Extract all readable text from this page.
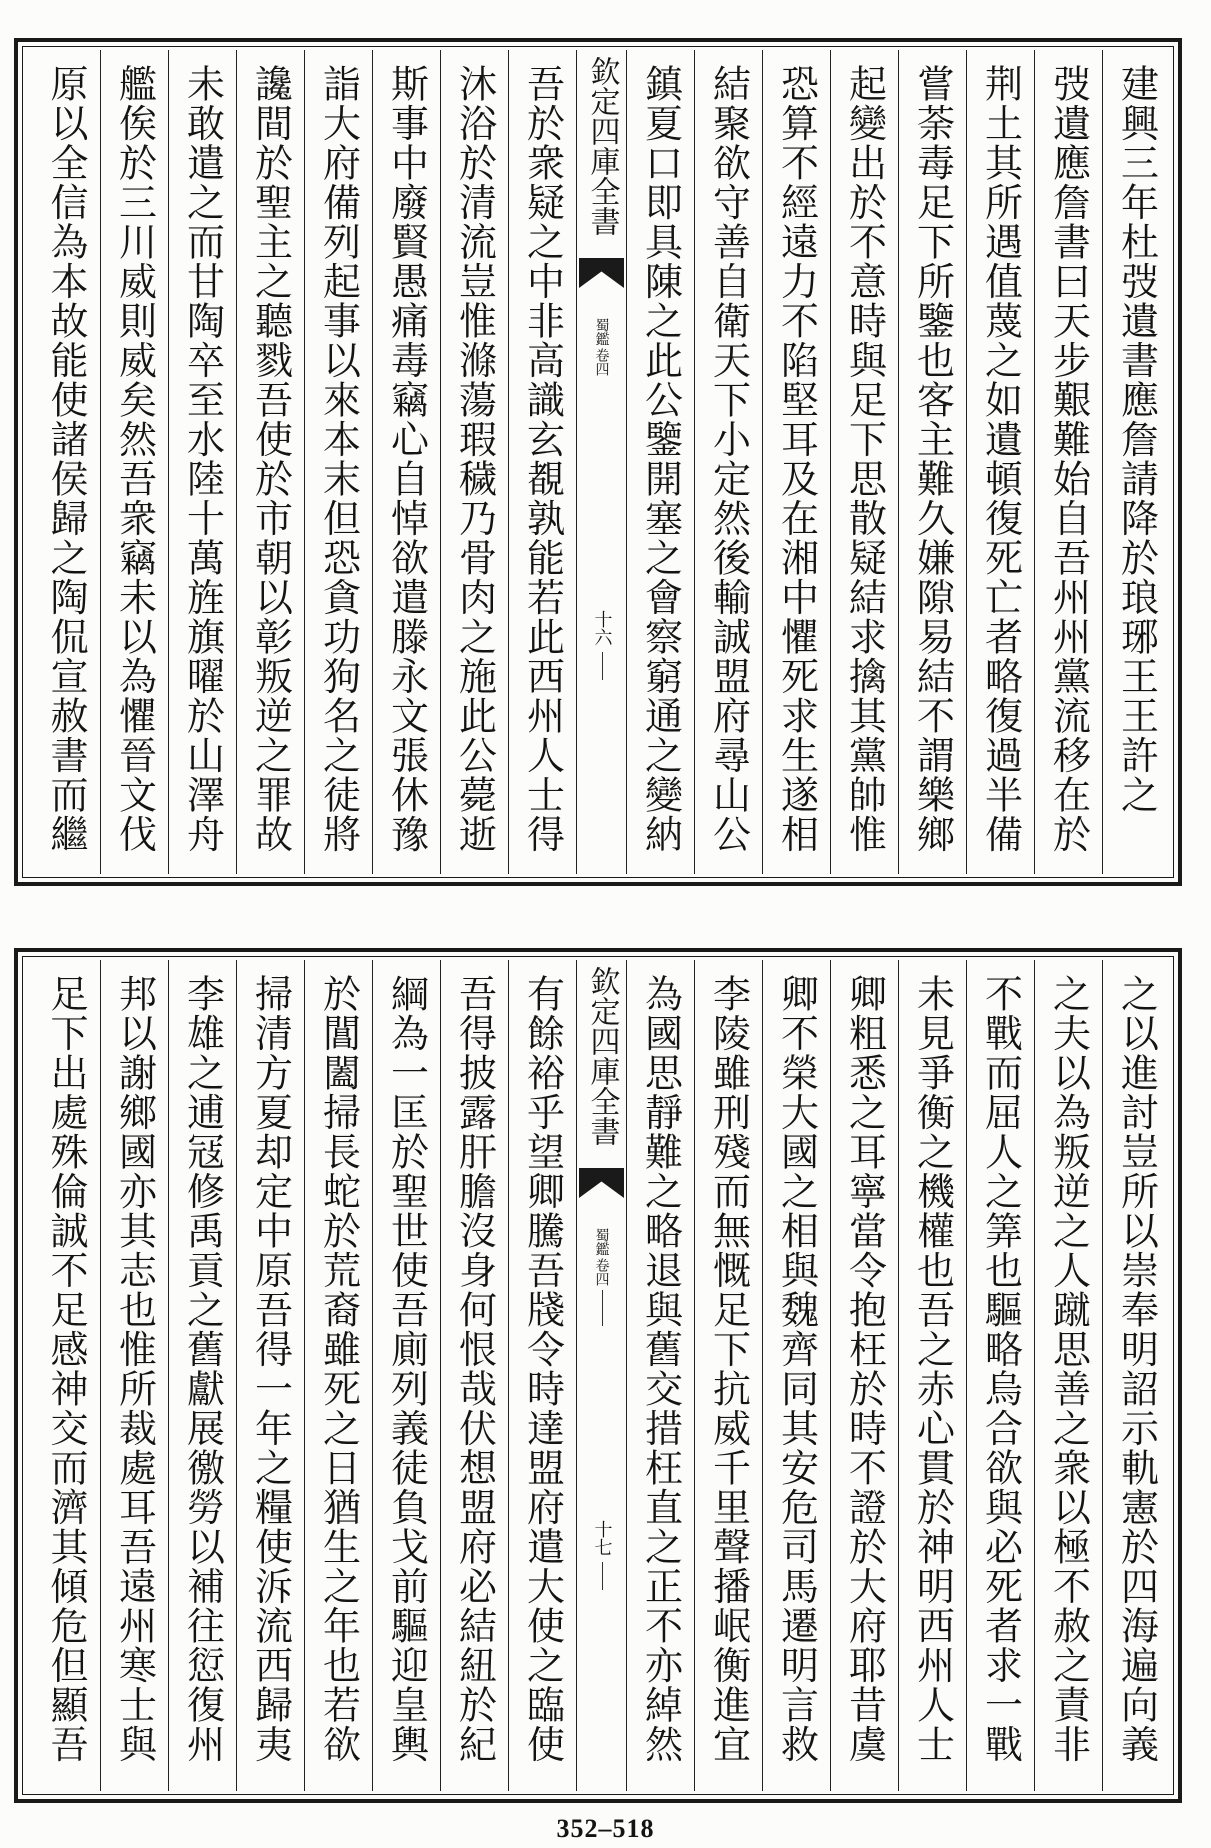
建興三年杜弢遺書應詹請降於琅琊王王許之
弢遺應詹書曰天步艱難始自吾州州黨流移在於
荆土其所遇值蔑之如遺頓復死亡者略復過半備
嘗荼毒足下所鑒也客主難久嫌隙易結不謂樂鄉
起變出於不意時與足下思散疑結求擒其黨帥惟
恐算不經遠力不陷堅耳及在湘中懼死求生遂相
結聚欲守善自衛天下小定然後輸誠盟府尋山公
鎮夏口即具陳之此公鑒開塞之會察窮通之變納
欽定四庫全書
蜀鑑
卷四
十六
吾於衆疑之中非高識玄覩孰能若此西州人士得
沐浴於清流豈惟滌蕩瑕穢乃骨肉之施此公薨逝
斯事中廢賢愚痛毒竊心自悼欲遣滕永文張休豫
詣大府備列起事以來本末但恐貪功狗名之徒將
讒間於聖主之聽戮吾使於市朝以彰叛逆之罪故
未敢遣之而甘陶卒至水陸十萬旌旗曜於山澤舟
艦俟於三川威則威矣然吾衆竊未以為懼晉文伐
原以全信為本故能使諸侯歸之陶侃宣赦書而繼
之以進討豈所以崇奉明詔示軌憲於四海遍向義
之夫以為叛逆之人蹴思善之衆以極不赦之責非
不戰而屈人之筭也驅略烏合欲與必死者求一戰
未見爭衡之機權也吾之赤心貫於神明西州人士
卿粗悉之耳寧當令抱枉於時不證於大府耶昔虞
卿不榮大國之相與魏齊同其安危司馬遷明言救
李陵雖刑殘而無慨足下抗威千里聲播岷衡進宜
為國思靜難之略退與舊交措枉直之正不亦綽然
欽定四庫全書
蜀鑑
卷四
十七
有餘裕乎望卿騰吾牋令時達盟府遣大使之臨使
吾得披露肝膽沒身何恨哉伏想盟府必結紐於紀
綱為一匡於聖世使吾廁列義徒負戈前驅迎皇輿
於閶闔掃長蛇於荒裔雖死之日猶生之年也若欲
掃清方夏却定中原吾得一年之糧使泝流西歸夷
李雄之逋冦修禹貢之舊獻展徼勞以補往愆復州
邦以謝鄉國亦其志也惟所裁處耳吾遠州寒士與
足下出處殊倫誠不足感神交而濟其傾危但顯吾
352–518
